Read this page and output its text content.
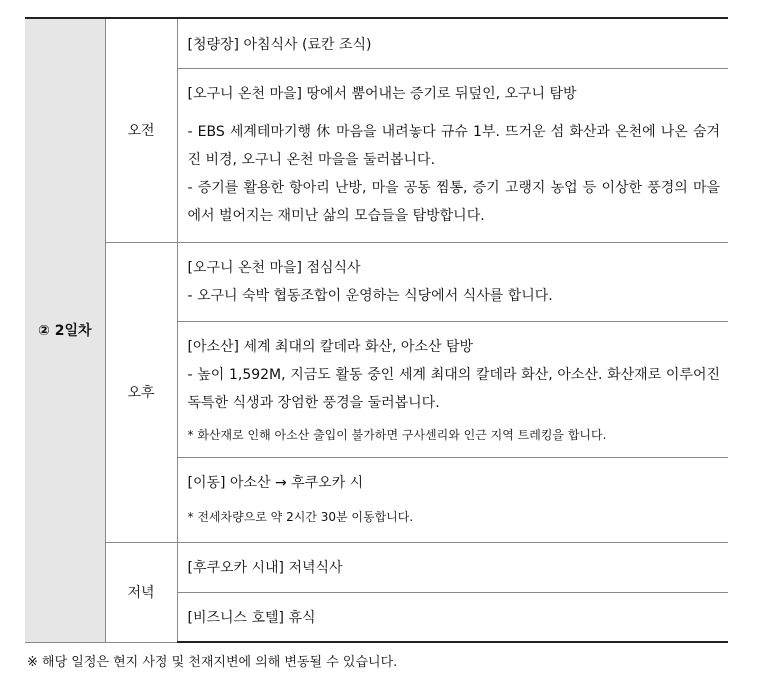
② 2일차	오전	[청량장] 아침식사 (료칸 조식)

		[오구니 온천 마을] 땅에서 뿜어내는 증기로 뒤덮인, 오구니 탐방
- EBS 세계테마기행 休 마음을 내려놓다 규슈 1부. 뜨거운 섬 화산과 온천에 나온 숨겨진 비경, 오구니 온천 마을을 둘러봅니다.
- 증기를 활용한 항아리 난방, 마을 공동 찜통, 증기 고랭지 농업 등 이상한 풍경의 마을에서 벌어지는 재미난 삶의 모습들을 탐방합니다.

	오후	[오구니 온천 마을] 점심식사
- 오구니 숙박 협동조합이 운영하는 식당에서 식사를 합니다.

		[아소산] 세계 최대의 칼데라 화산, 아소산 탐방
- 높이 1,592M, 지금도 활동 중인 세계 최대의 칼데라 화산, 아소산. 화산재로 이루어진 독특한 식생과 장엄한 풍경을 둘러봅니다.
* 화산재로 인해 아소산 출입이 불가하면 구사센리와 인근 지역 트레킹을 합니다.

		[이동] 아소산 → 후쿠오카 시
* 전세차량으로 약 2시간 30분 이동합니다.

	저녁	[후쿠오카 시내] 저녁식사

		[비즈니스 호텔] 휴식
※ 해당 일정은 현지 사정 및 천재지변에 의해 변동될 수 있습니다.
